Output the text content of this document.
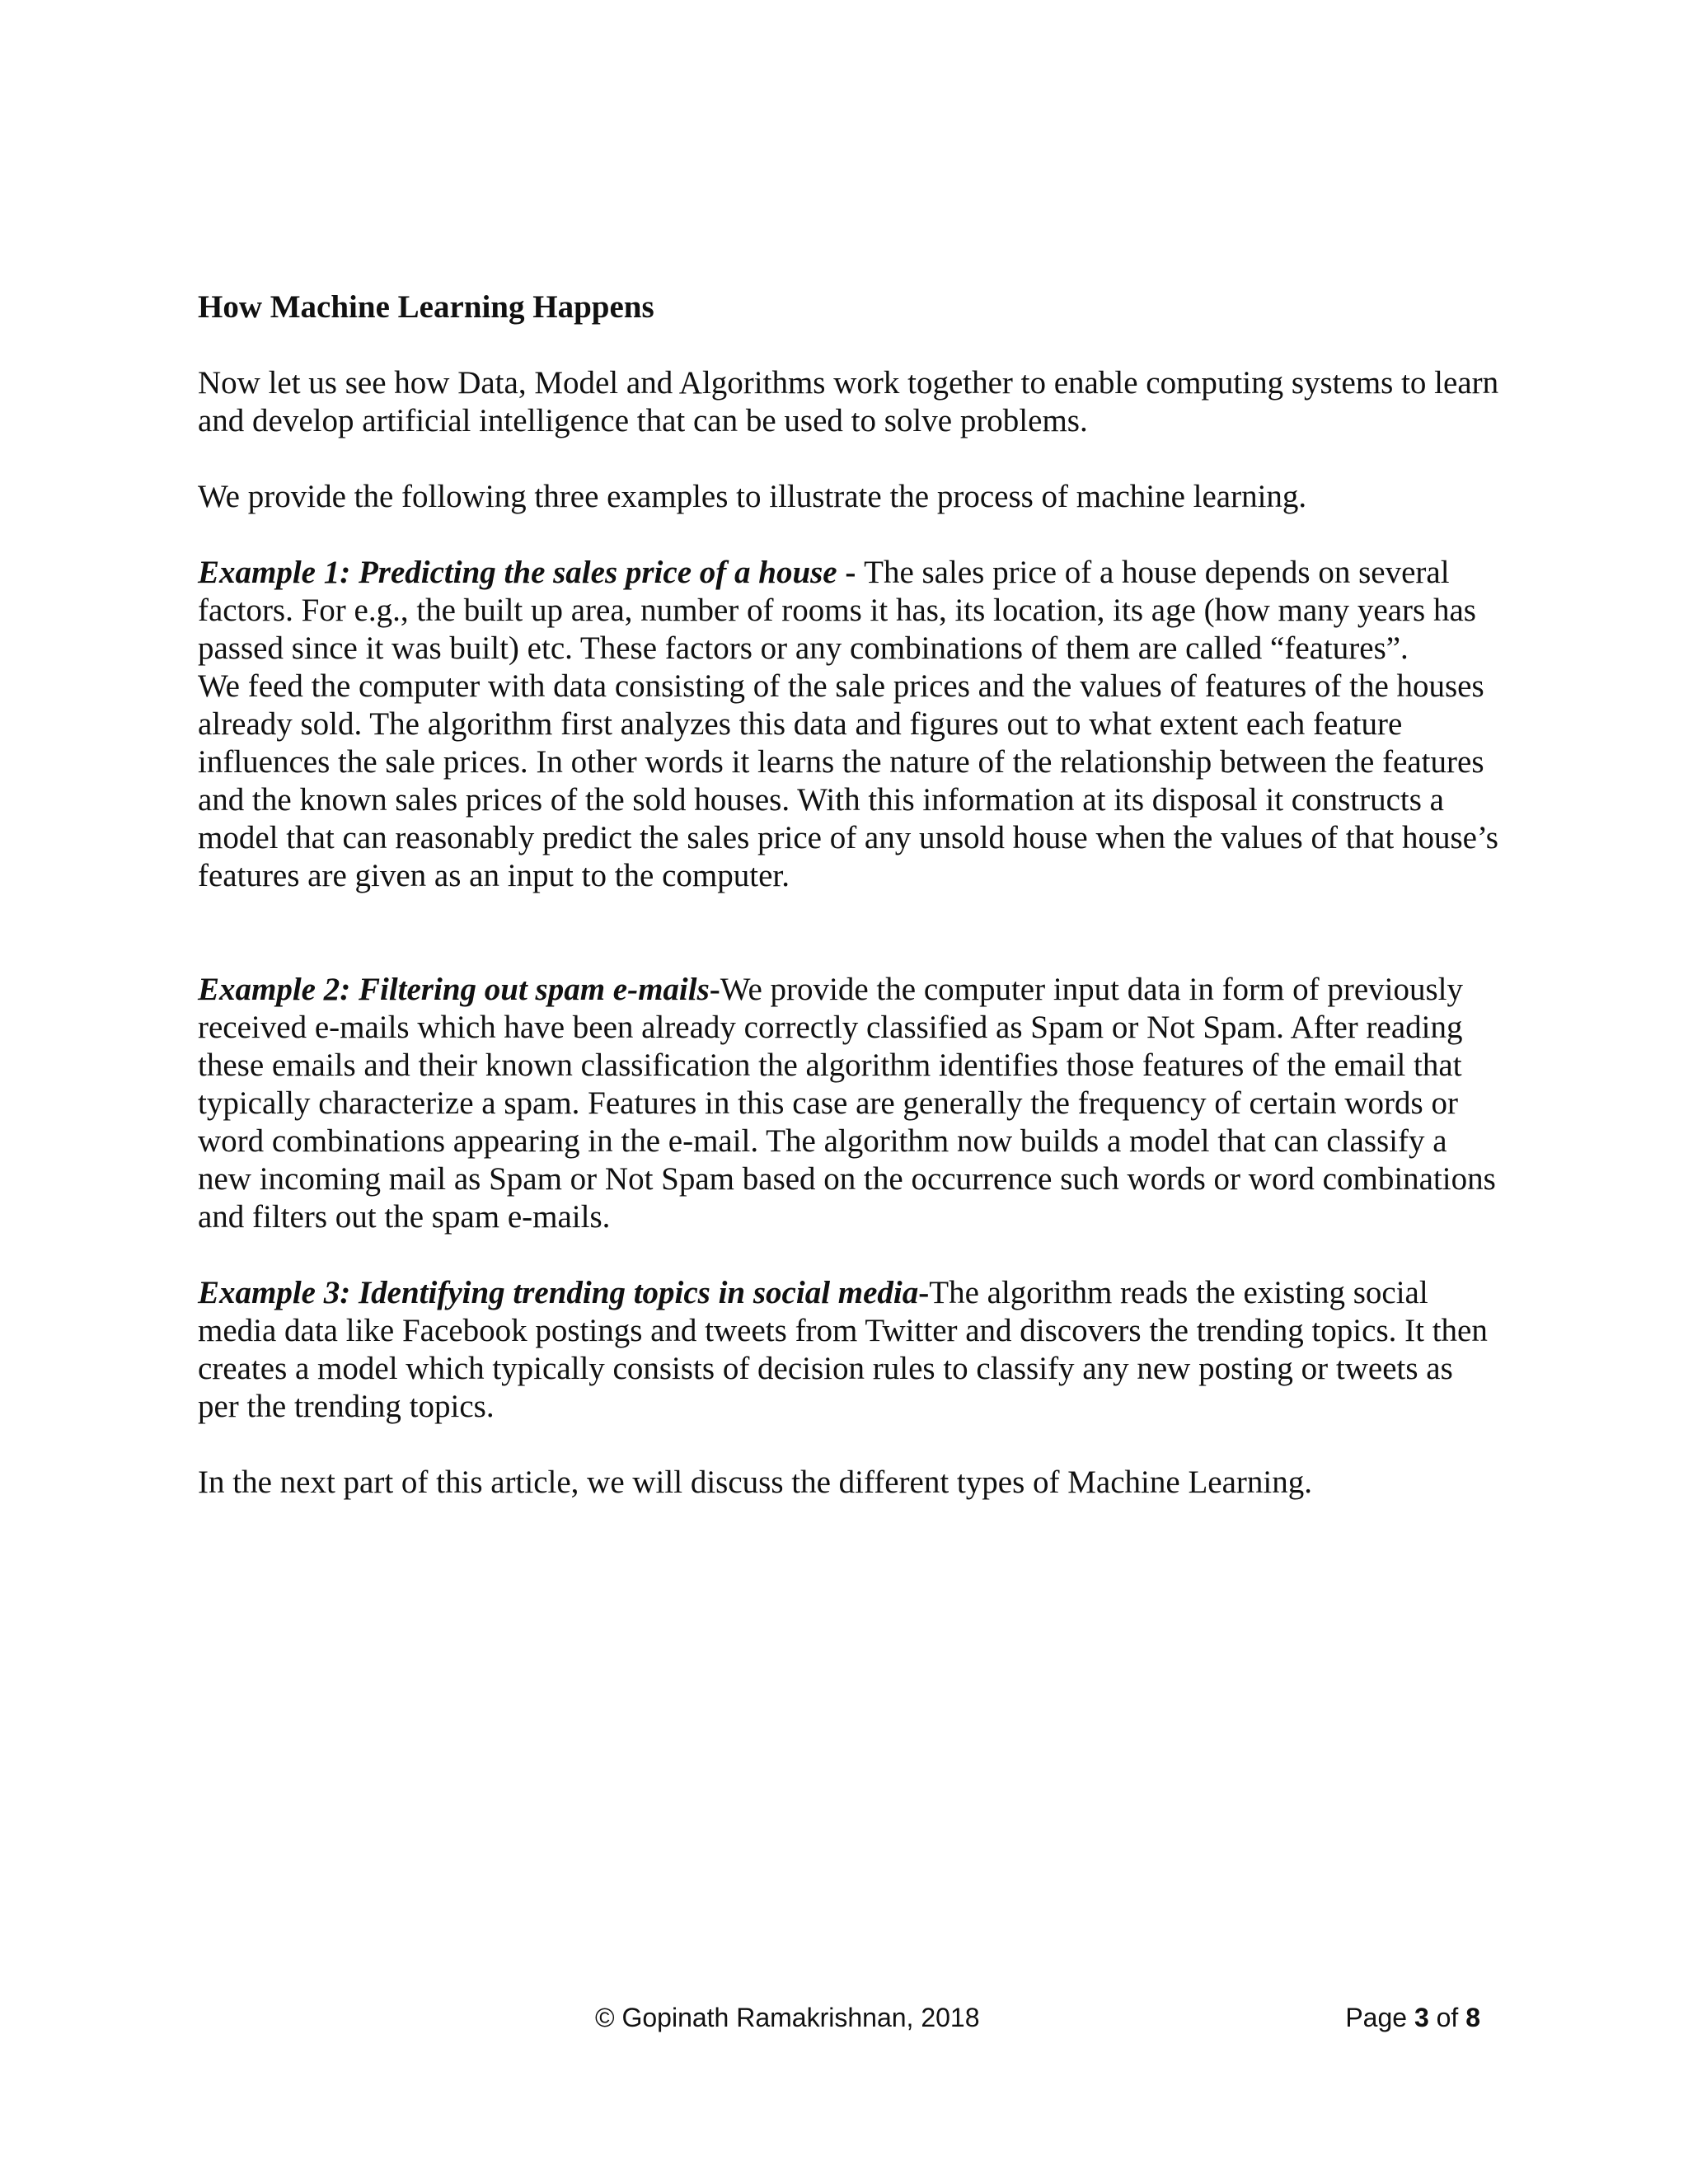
How Machine Learning Happens

Now let us see how Data, Model and Algorithms work together to enable computing systems to learn and develop artificial intelligence that can be used to solve problems.

We provide the following three examples to illustrate the process of machine learning.

Example 1: Predicting the sales price of a house - The sales price of a house depends on several factors. For e.g., the built up area, number of rooms it has, its location, its age (how many years has passed since it was built) etc. These factors or any combinations of them are called “features”.

We feed the computer with data consisting of the sale prices and the values of features of the houses already sold. The algorithm first analyzes this data and figures out to what extent each feature influences the sale prices. In other words it learns the nature of the relationship between the features and the known sales prices of the sold houses. With this information at its disposal it constructs a model that can reasonably predict the sales price of any unsold house when the values of that house’s features are given as an input to the computer.

Example 2: Filtering out spam e-mails-We provide the computer input data in form of previously received e-mails which have been already correctly classified as Spam or Not Spam. After reading these emails and their known classification the algorithm identifies those features of the email that typically characterize a spam. Features in this case are generally the frequency of certain words or word combinations appearing in the e-mail. The algorithm now builds a model that can classify a new incoming mail as Spam or Not Spam based on the occurrence such words or word combinations and filters out the spam e-mails.

Example 3: Identifying trending topics in social media-The algorithm reads the existing social media data like Facebook postings and tweets from Twitter and discovers the trending topics. It then creates a model which typically consists of decision rules to classify any new posting or tweets as per the trending topics.

In the next part of this article, we will discuss the different types of Machine Learning.

© Gopinath Ramakrishnan, 2018	Page 3 of 8
